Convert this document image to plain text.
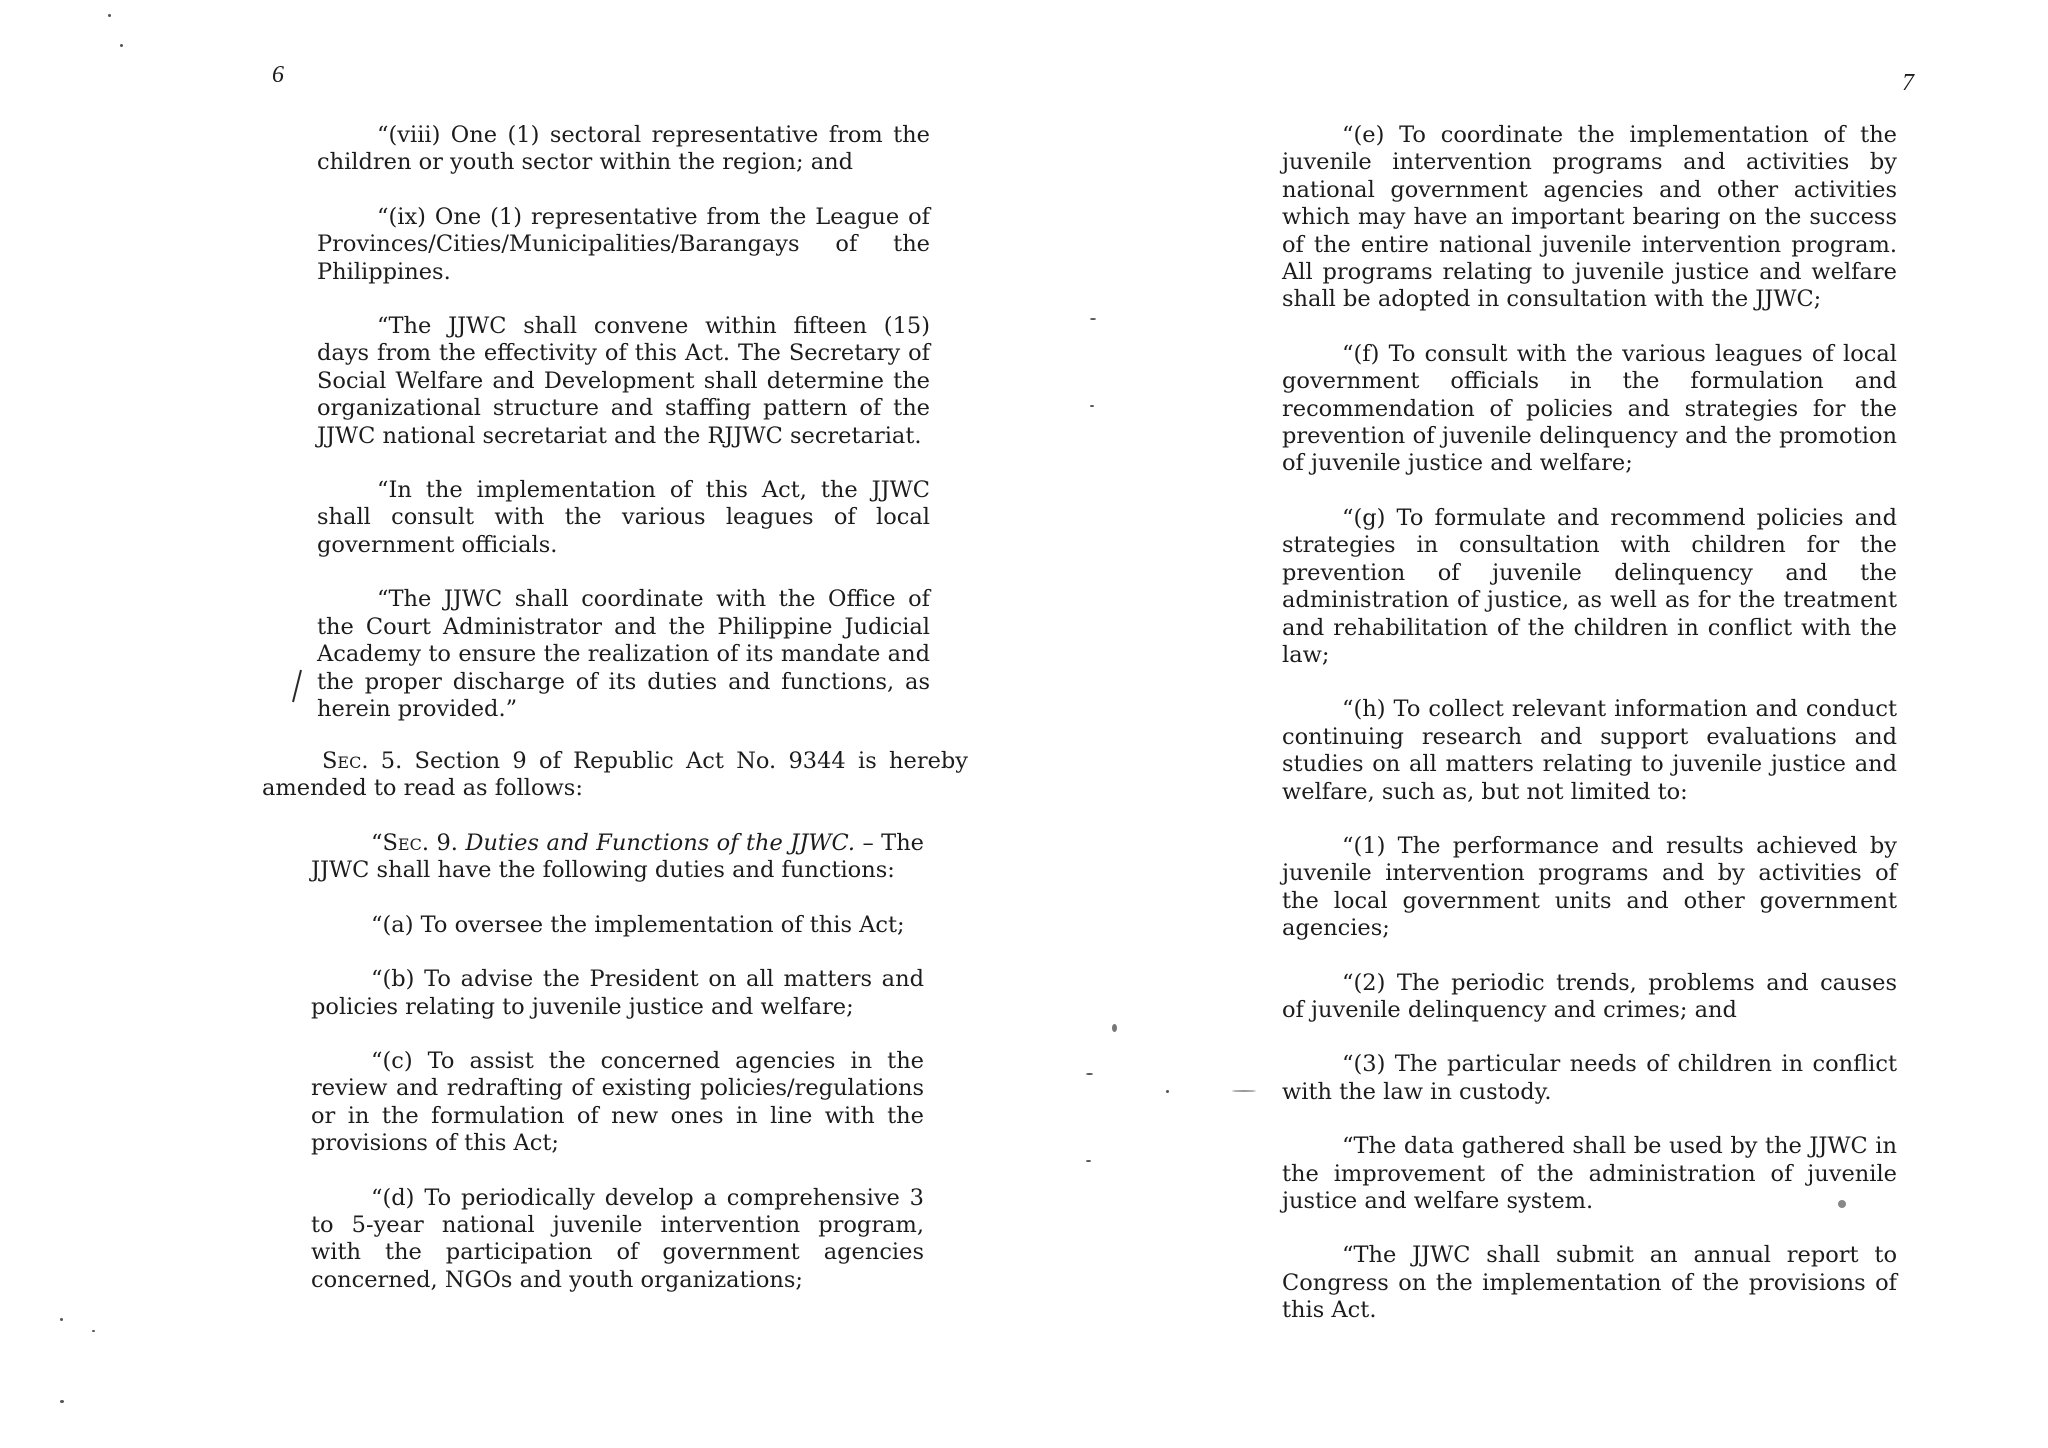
6	7

“(viii) One (1) sectoral representative from the children or youth sector within the region; and

“(ix) One (1) representative from the League of Provinces/Cities/Municipalities/Barangays of the Philippines.

“The JJWC shall convene within fifteen (15) days from the effectivity of this Act. The Secretary of Social Welfare and Development shall determine the organizational structure and staffing pattern of the JJWC national secretariat and the RJJWC secretariat.

“In the implementation of this Act, the JJWC shall consult with the various leagues of local government officials.

“The JJWC shall coordinate with the Office of the Court Administrator and the Philippine Judicial Academy to ensure the realization of its mandate and the proper discharge of its duties and functions, as herein provided.”

Sec. 5. Section 9 of Republic Act No. 9344 is hereby amended to read as follows:

“Sec. 9. Duties and Functions of the JJWC. – The JJWC shall have the following duties and functions:

“(a) To oversee the implementation of this Act;

“(b) To advise the President on all matters and policies relating to juvenile justice and welfare;

“(c) To assist the concerned agencies in the review and redrafting of existing policies/regulations or in the formulation of new ones in line with the provisions of this Act;

“(d) To periodically develop a comprehensive 3 to 5-year national juvenile intervention program, with the participation of government agencies concerned, NGOs and youth organizations;

“(e) To coordinate the implementation of the juvenile intervention programs and activities by national government agencies and other activities which may have an important bearing on the success of the entire national juvenile intervention program. All programs relating to juvenile justice and welfare shall be adopted in consultation with the JJWC;

“(f) To consult with the various leagues of local government officials in the formulation and recommendation of policies and strategies for the prevention of juvenile delinquency and the promotion of juvenile justice and welfare;

“(g) To formulate and recommend policies and strategies in consultation with children for the prevention of juvenile delinquency and the administration of justice, as well as for the treatment and rehabilitation of the children in conflict with the law;

“(h) To collect relevant information and conduct continuing research and support evaluations and studies on all matters relating to juvenile justice and welfare, such as, but not limited to:

“(1) The performance and results achieved by juvenile intervention programs and by activities of the local government units and other government agencies;

“(2) The periodic trends, problems and causes of juvenile delinquency and crimes; and

“(3) The particular needs of children in conflict with the law in custody.

“The data gathered shall be used by the JJWC in the improvement of the administration of juvenile justice and welfare system.

“The JJWC shall submit an annual report to Congress on the implementation of the provisions of this Act.
